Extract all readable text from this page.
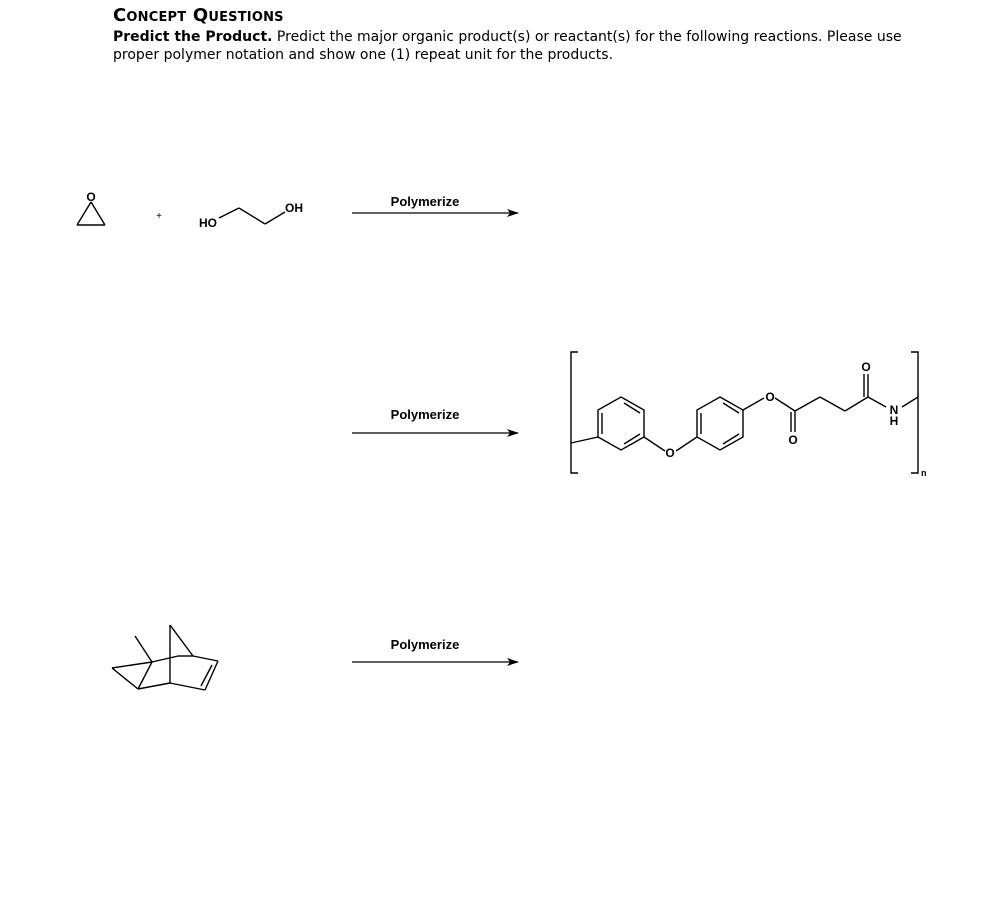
Concept Questions
Predict the Product. Predict the major organic product(s) or reactant(s) for the following reactions. Please use proper polymer notation and show one (1) repeat unit for the products.
O
+	HO
OH	Polymerize
Polymerize
O
O
O
O
N
H
n
Polymerize
